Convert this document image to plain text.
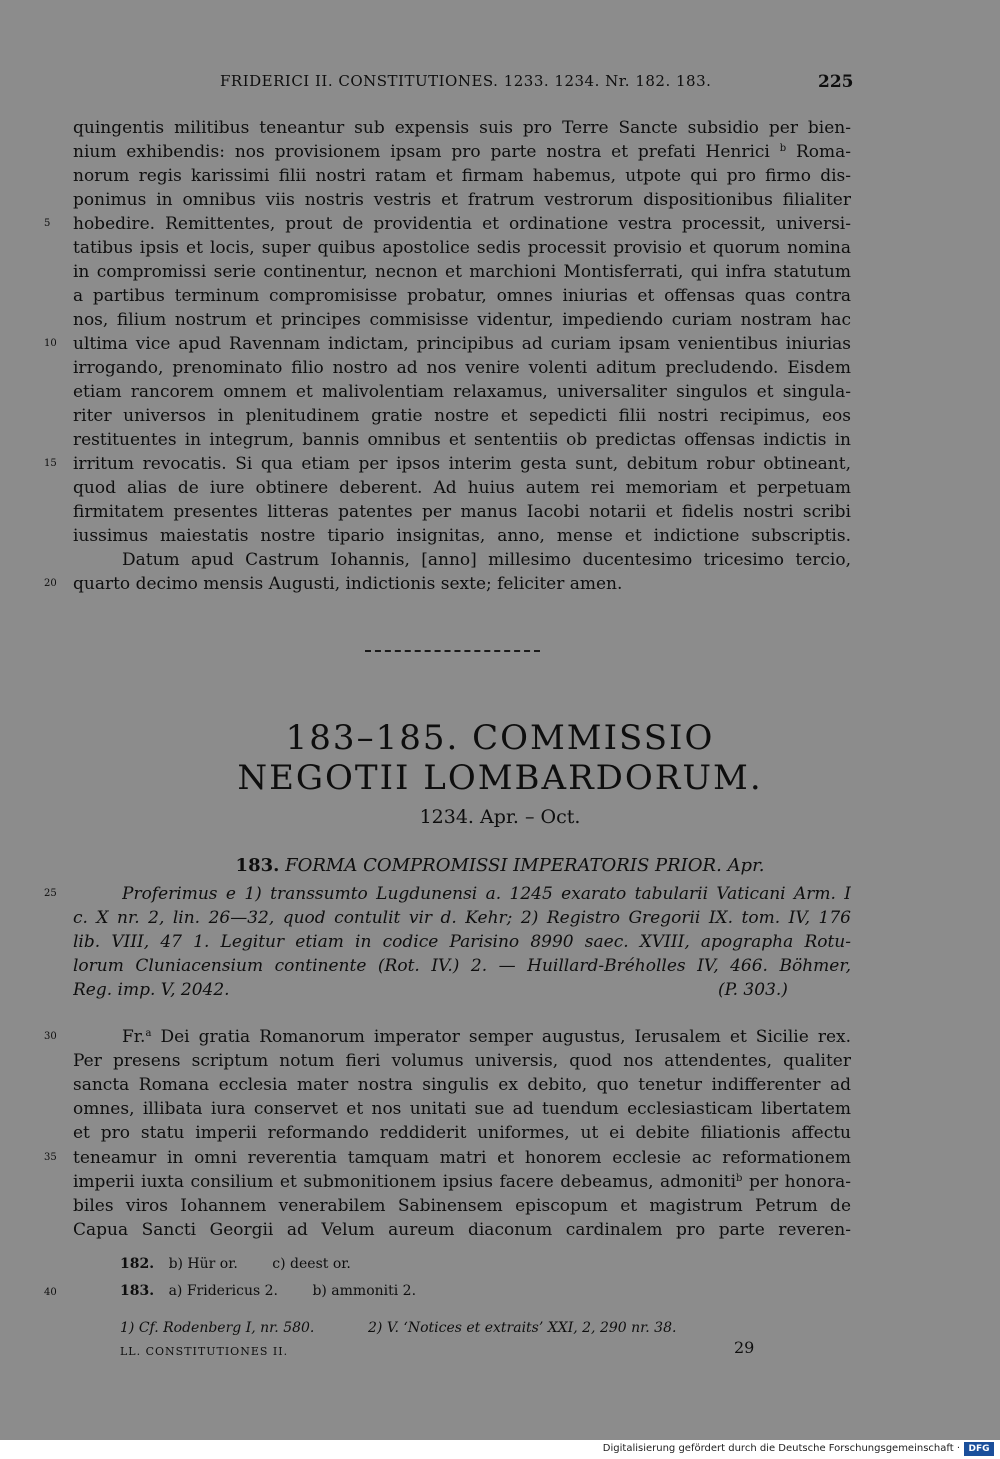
FRIDERICI II. CONSTITUTIONES. 1233. 1234. Nr. 182. 183.	225
quingentis militibus teneantur sub expensis suis pro Terre Sancte subsidio per bien-
nium exhibendis: nos provisionem ipsam pro parte nostra et prefati Henrici $^b$ Roma-
norum regis karissimi filii nostri ratam et firmam habemus, utpote qui pro firmo dis-
ponimus in omnibus viis nostris vestris et fratrum vestrorum dispositionibus filialiter
hobedire. Remittentes, prout de providentia et ordinatione vestra processit, universi-
tatibus ipsis et locis, super quibus apostolice sedis processit provisio et quorum nomina
in compromissi serie continentur, necnon et marchioni Montisferrati, qui infra statutum
a partibus terminum compromisisse probatur, omnes iniurias et offensas quas contra
nos, filium nostrum et principes commisisse videntur, impediendo curiam nostram hac
ultima vice apud Ravennam indictam, principibus ad curiam ipsam venientibus iniurias
irrogando, prenominato filio nostro ad nos venire volenti aditum precludendo. Eisdem
etiam rancorem omnem et malivolentiam relaxamus, universaliter singulos et singula-
riter universos in plenitudinem gratie nostre et sepedicti filii nostri recipimus, eos
restituentes in integrum, bannis omnibus et sententiis ob predictas offensas indictis in
irritum revocatis. Si qua etiam per ipsos interim gesta sunt, debitum robur obtineant,
quod alias de iure obtinere deberent. Ad huius autem rei memoriam et perpetuam
firmitatem presentes litteras patentes per manus Iacobi notarii et fidelis nostri scribi
iussimus maiestatis nostre tipario insignitas, anno, mense et indictione subscriptis.
Datum apud Castrum Iohannis, [anno] millesimo ducentesimo tricesimo tercio,
quarto decimo mensis Augusti, indictionis sexte; feliciter amen.
5
10
15
20
25
30
35
40
183–185. COMMISSIO
NEGOTII LOMBARDORUM.
1234. Apr. – Oct.
183. FORMA COMPROMISSI IMPERATORIS PRIOR. Apr.
Proferimus e 1) transsumto Lugdunensi a. 1245 exarato tabularii Vaticani Arm. I
c. X nr. 2, lin. 26—32, quod contulit vir d. Kehr; 2) Registro Gregorii IX. tom. IV, 176
lib. VIII, 47 1. Legitur etiam in codice Parisino 8990 saec. XVIII, apographa Rotu-
lorum Cluniacensium continente (Rot. IV.) 2. — Huillard-Bréholles IV, 466. Böhmer,
Reg. imp. V, 2042.	(P. 303.)
Fr.$^a$ Dei gratia Romanorum imperator semper augustus, Ierusalem et Sicilie rex.
Per presens scriptum notum fieri volumus universis, quod nos attendentes, qualiter
sancta Romana ecclesia mater nostra singulis ex debito, quo tenetur indifferenter ad
omnes, illibata iura conservet et nos unitati sue ad tuendum ecclesiasticam libertatem
et pro statu imperii reformando reddiderit uniformes, ut ei debite filiationis affectu
teneamur in omni reverentia tamquam matri et honorem ecclesie ac reformationem
imperii iuxta consilium et submonitionem ipsius facere debeamus, admoniti$^b$ per honora-
biles viros Iohannem venerabilem Sabinensem episcopum et magistrum Petrum de
Capua Sancti Georgii ad Velum aureum diaconum cardinalem pro parte reveren-
182. b) Hür or. c) deest or.
183. a) Fridericus 2. b) ammoniti 2.
1) Cf. Rodenberg I, nr. 580.	2) V. ‘Notices et extraits’ XXI, 2, 290 nr. 38.
LL. CONSTITUTIONES II.	29
Digitalisierung gefördert durch die Deutsche Forschungsgemeinschaft · DFG
